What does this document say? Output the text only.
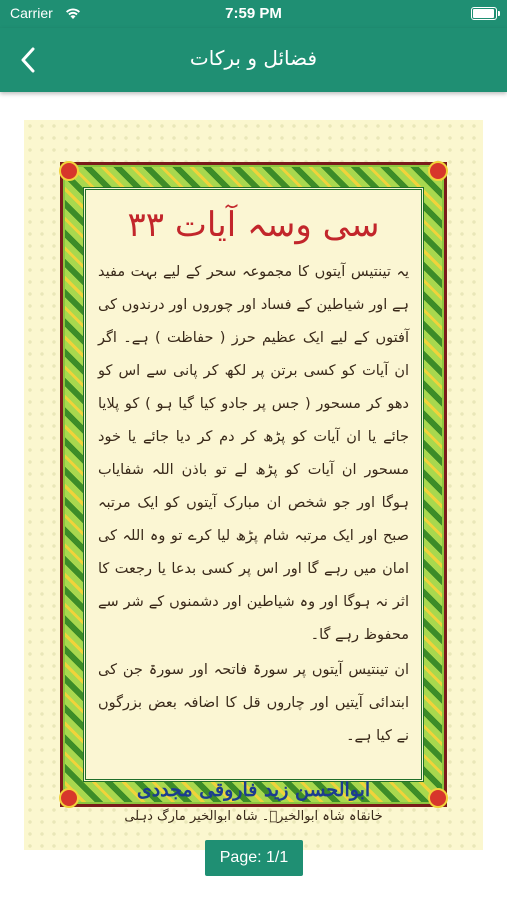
Carrier	7:59 PM
فضائل و برکات
سی وسہ آیات ۳۳

یہ تینتیس آیتوں کا مجموعہ سحر کے لیے بہت مفید ہے اور شیاطین کے فساد اور چوروں اور درندوں کی آفتوں کے لیے ایک عظیم حرز ( حفاظت ) ہے۔ اگر ان آیات کو کسی برتن پر لکھ کر پانی سے اس کو دھو کر مسحور ( جس پر جادو کیا گیا ہو ) کو پلایا جائے یا ان آیات کو پڑھ کر دم کر دیا جائے یا خود مسحور ان آیات کو پڑھ لے تو باذن اللہ شفایاب ہوگا اور جو شخص ان مبارک آیتوں کو ایک مرتبہ صبح اور ایک مرتبہ شام پڑھ لیا کرے تو وہ اللہ کی امان میں رہے گا اور اس پر کسی بدعا یا رجعت کا اثر نہ ہوگا اور وہ شیاطین اور دشمنوں کے شر سے محفوظ رہے گا۔

ان تینتیس آیتوں پر سورۃ فاتحہ اور سورۃ جن کی ابتدائی آیتیں اور چاروں قل کا اضافہ بعض بزرگوں نے کیا ہے۔

ابوالحسن زید فاروقی مجددی
خانقاہ شاہ ابوالخیرؒ۔ شاہ ابوالخیر مارگ دہلی
Page: 1/1
